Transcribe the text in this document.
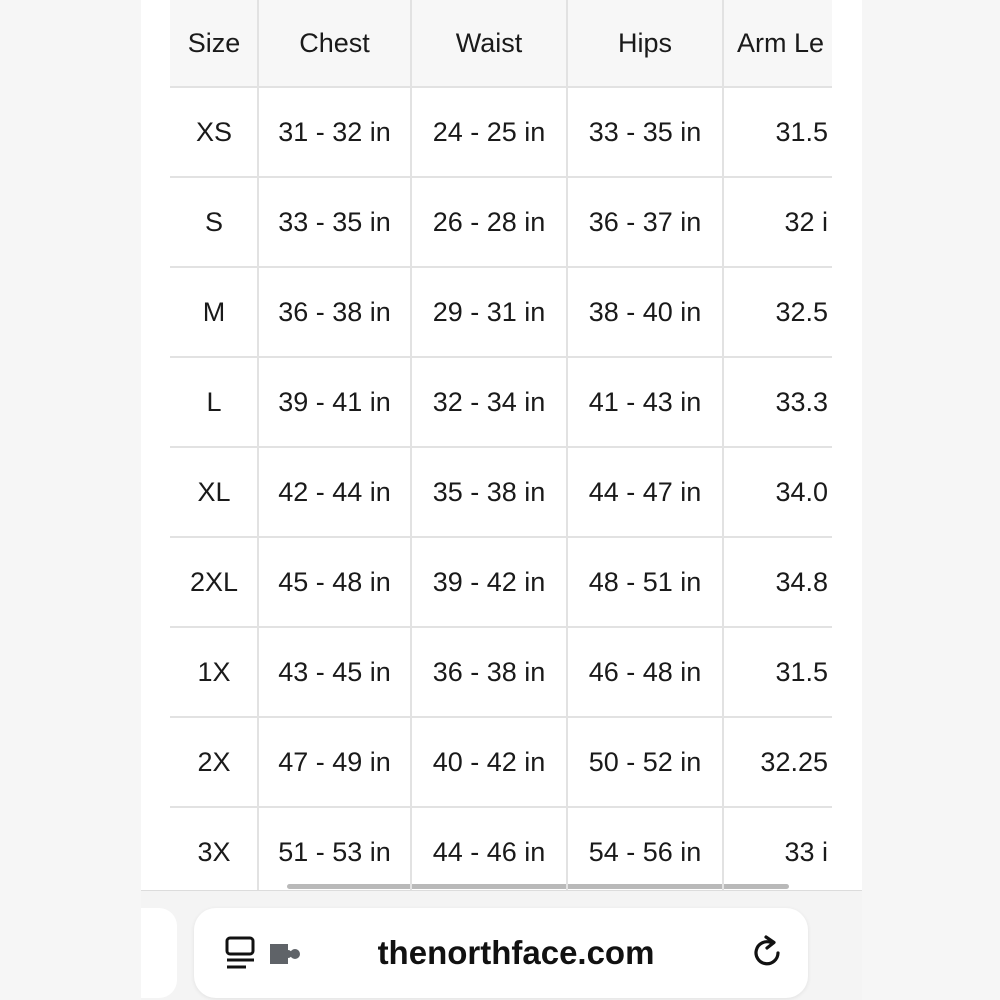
Size	Chest	Waist	Hips	Arm Le
XS	31 - 32 in	24 - 25 in	33 - 35 in	31.5
S	33 - 35 in	26 - 28 in	36 - 37 in	32 i
M	36 - 38 in	29 - 31 in	38 - 40 in	32.5
L	39 - 41 in	32 - 34 in	41 - 43 in	33.3
XL	42 - 44 in	35 - 38 in	44 - 47 in	34.0
2XL	45 - 48 in	39 - 42 in	48 - 51 in	34.8
1X	43 - 45 in	36 - 38 in	46 - 48 in	31.5
2X	47 - 49 in	40 - 42 in	50 - 52 in	32.25
3X	51 - 53 in	44 - 46 in	54 - 56 in	33 i
thenorthface.com
